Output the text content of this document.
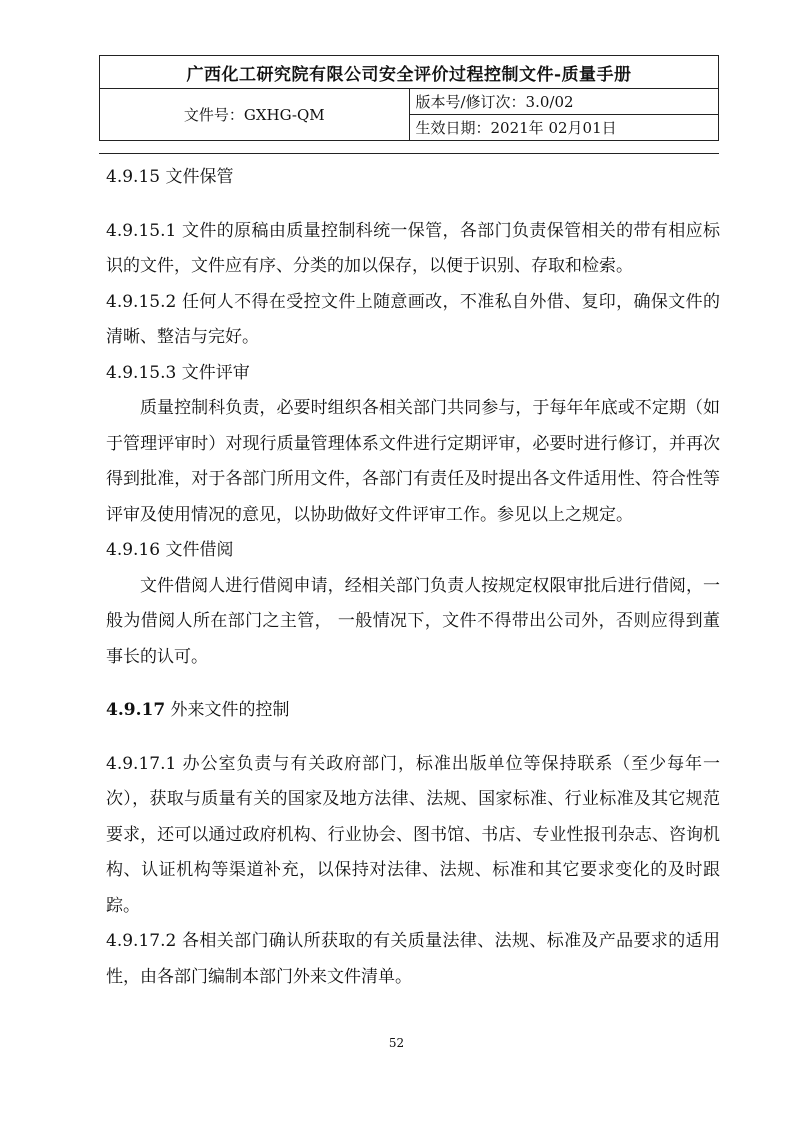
广西化工研究院有限公司安全评价过程控制文件-质量手册
文件号：GXHG-QM	版本号/修订次：3.0/02
生效日期：2021年 02月01日

4.9.15 文件保管

4.9.15.1 文件的原稿由质量控制科统一保管，各部门负责保管相关的带有相应标识的文件，文件应有序、分类的加以保存，以便于识别、存取和检索。

4.9.15.2 任何人不得在受控文件上随意画改，不准私自外借、复印，确保文件的清晰、整洁与完好。

4.9.15.3 文件评审

质量控制科负责，必要时组织各相关部门共同参与，于每年年底或不定期（如于管理评审时）对现行质量管理体系文件进行定期评审，必要时进行修订，并再次得到批准，对于各部门所用文件，各部门有责任及时提出各文件适用性、符合性等评审及使用情况的意见，以协助做好文件评审工作。参见以上之规定。

4.9.16 文件借阅

文件借阅人进行借阅申请，经相关部门负责人按规定权限审批后进行借阅，一般为借阅人所在部门之主管， 一般情况下，文件不得带出公司外，否则应得到董事长的认可。

4.9.17 外来文件的控制

4.9.17.1 办公室负责与有关政府部门，标准出版单位等保持联系（至少每年一次），获取与质量有关的国家及地方法律、法规、国家标准、行业标准及其它规范要求，还可以通过政府机构、行业协会、图书馆、书店、专业性报刊杂志、咨询机构、认证机构等渠道补充，以保持对法律、法规、标准和其它要求变化的及时跟踪。

4.9.17.2 各相关部门确认所获取的有关质量法律、法规、标准及产品要求的适用性，由各部门编制本部门外来文件清单。

52
